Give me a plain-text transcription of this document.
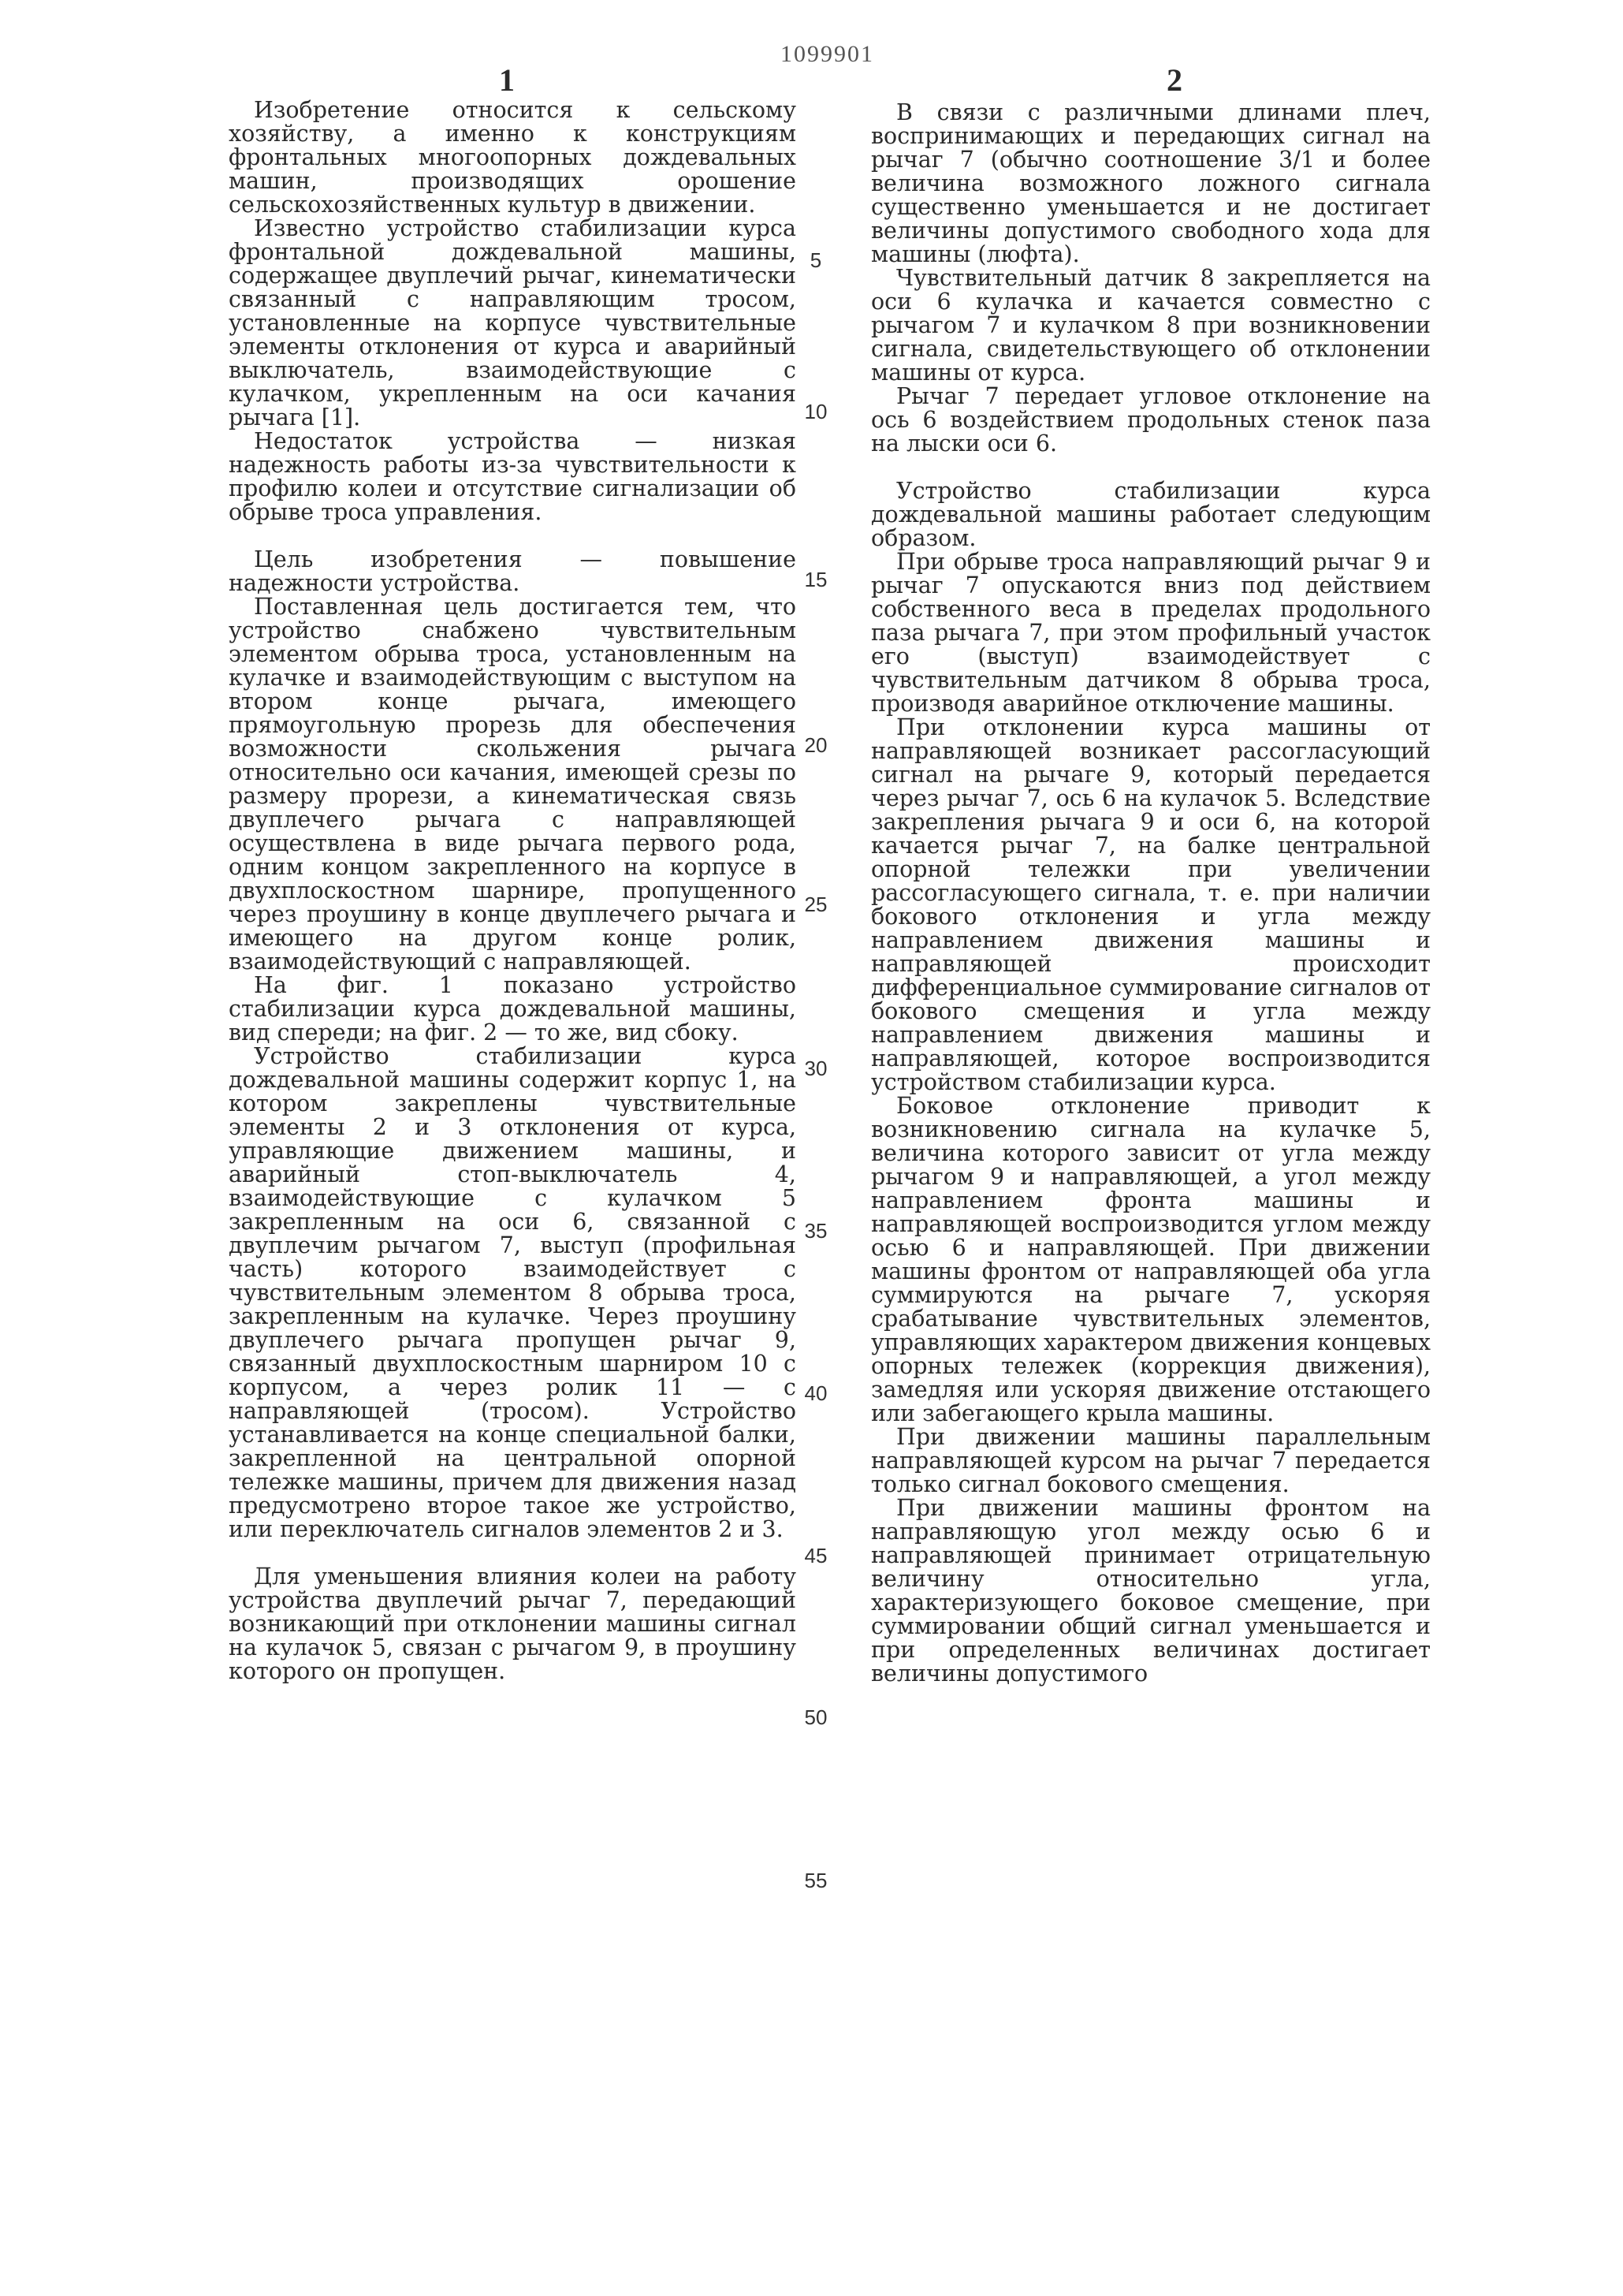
1099901
1	2

Изобретение относится к сельскому хозяйству, а именно к конструкциям фронтальных многоопорных дождевальных машин, производящих орошение сельскохозяйственных культур в движении.

Известно устройство стабилизации курса фронтальной дождевальной машины, содержащее двуплечий рычаг, кинематически связанный с направляющим тросом, установленные на корпусе чувствительные элементы отклонения от курса и аварийный выключатель, взаимодействующие с кулачком, укрепленным на оси качания рычага [1].

Недостаток устройства — низкая надежность работы из-за чувствительности к профилю колеи и отсутствие сигнализации об обрыве троса управления.

Цель изобретения — повышение надежности устройства.

Поставленная цель достигается тем, что устройство снабжено чувствительным элементом обрыва троса, установленным на кулачке и взаимодействующим с выступом на втором конце рычага, имеющего прямоугольную прорезь для обеспечения возможности скольжения рычага относительно оси качания, имеющей срезы по размеру прорези, а кинематическая связь двуплечего рычага с направляющей осуществлена в виде рычага первого рода, одним концом закрепленного на корпусе в двухплоскостном шарнире, пропущенного через проушину в конце двуплечего рычага и имеющего на другом конце ролик, взаимодействующий с направляющей.

На фиг. 1 показано устройство стабилизации курса дождевальной машины, вид спереди; на фиг. 2 — то же, вид сбоку.

Устройство стабилизации курса дождевальной машины содержит корпус 1, на котором закреплены чувствительные элементы 2 и 3 отклонения от курса, управляющие движением машины, и аварийный стоп-выключатель 4, взаимодействующие с кулачком 5 закрепленным на оси 6, связанной с двуплечим рычагом 7, выступ (профильная часть) которого взаимодействует с чувствительным элементом 8 обрыва троса, закрепленным на кулачке. Через проушину двуплечего рычага пропущен рычаг 9, связанный двухплоскостным шарниром 10 с корпусом, а через ролик 11 — с направляющей (тросом). Устройство устанавливается на конце специальной балки, закрепленной на центральной опорной тележке машины, причем для движения назад предусмотрено второе такое же устройство, или переключатель сигналов элементов 2 и 3.

Для уменьшения влияния колеи на работу устройства двуплечий рычаг 7, передающий возникающий при отклонении машины сигнал на кулачок 5, связан с рычагом 9, в проушину которого он пропущен.

5
10
15
20
25
30
35
40
45
50
55

В связи с различными длинами плеч, воспринимающих и передающих сигнал на рычаг 7 (обычно соотношение 3/1 и более величина возможного ложного сигнала существенно уменьшается и не достигает величины допустимого свободного хода для машины (люфта).

Чувствительный датчик 8 закрепляется на оси 6 кулачка и качается совместно с рычагом 7 и кулачком 8 при возникновении сигнала, свидетельствующего об отклонении машины от курса.

Рычаг 7 передает угловое отклонение на ось 6 воздействием продольных стенок паза на лыски оси 6.

Устройство стабилизации курса дождевальной машины работает следующим образом.

При обрыве троса направляющий рычаг 9 и рычаг 7 опускаются вниз под действием собственного веса в пределах продольного паза рычага 7, при этом профильный участок его (выступ) взаимодействует с чувствительным датчиком 8 обрыва троса, производя аварийное отключение машины.

При отклонении курса машины от направляющей возникает рассогласующий сигнал на рычаге 9, который передается через рычаг 7, ось 6 на кулачок 5. Вследствие закрепления рычага 9 и оси 6, на которой качается рычаг 7, на балке центральной опорной тележки при увеличении рассогласующего сигнала, т. е. при наличии бокового отклонения и угла между направлением движения машины и направляющей происходит дифференциальное суммирование сигналов от бокового смещения и угла между направлением движения машины и направляющей, которое воспроизводится устройством стабилизации курса.

Боковое отклонение приводит к возникновению сигнала на кулачке 5, величина которого зависит от угла между рычагом 9 и направляющей, а угол между направлением фронта машины и направляющей воспроизводится углом между осью 6 и направляющей. При движении машины фронтом от направляющей оба угла суммируются на рычаге 7, ускоряя срабатывание чувствительных элементов, управляющих характером движения концевых опорных тележек (коррекция движения), замедляя или ускоряя движение отстающего или забегающего крыла машины.

При движении машины параллельным направляющей курсом на рычаг 7 передается только сигнал бокового смещения.

При движении машины фронтом на направляющую угол между осью 6 и направляющей принимает отрицательную величину относительно угла, характеризующего боковое смещение, при суммировании общий сигнал уменьшается и при определенных величинах достигает величины допустимого
